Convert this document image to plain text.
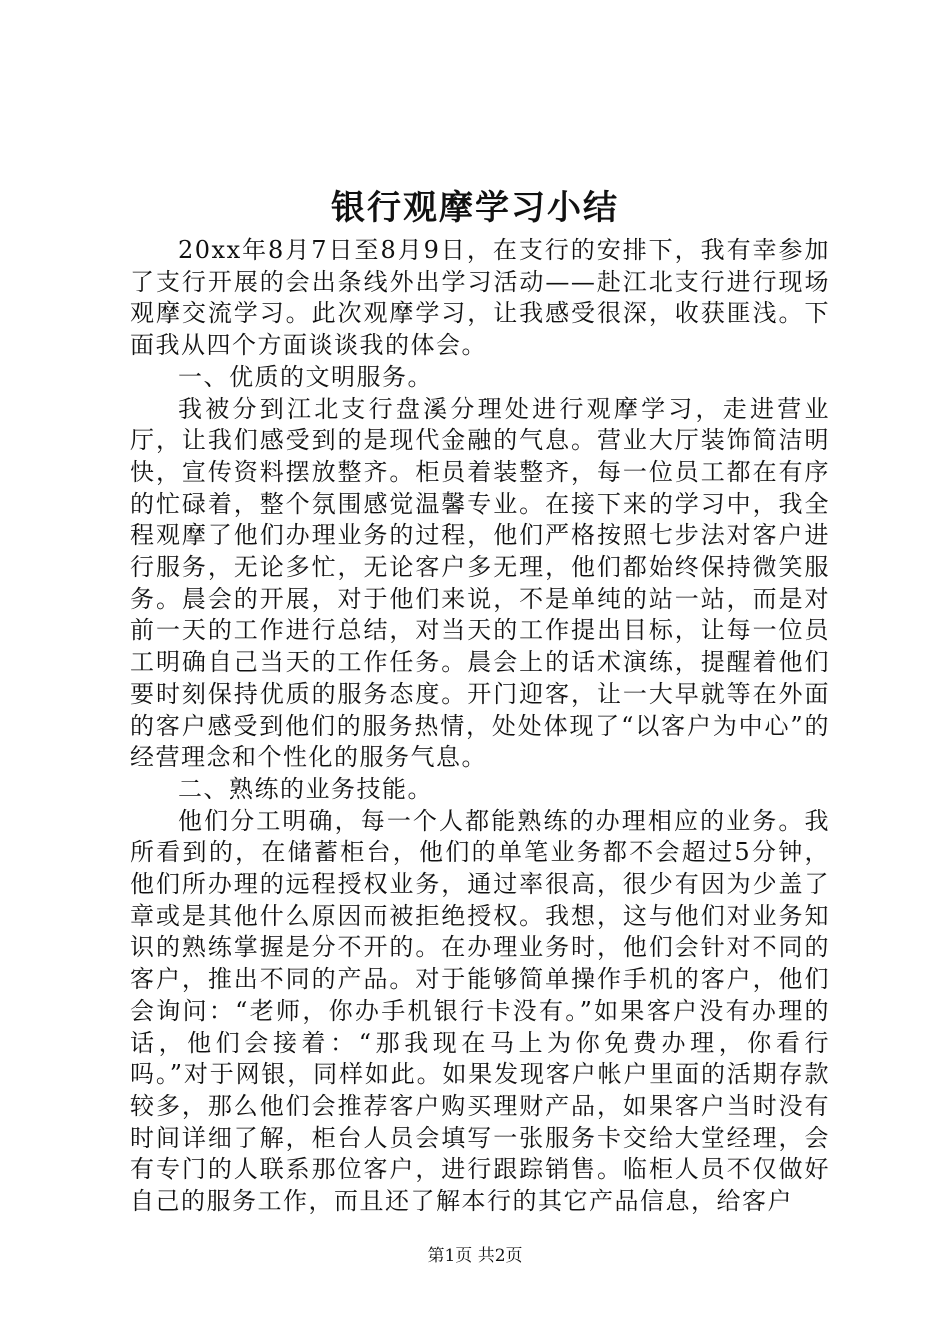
银行观摩学习小结

20xx年8月7日至8月9日，在支行的安排下，我有幸参加了支行开展的会出条线外出学习活动——赴江北支行进行现场观摩交流学习。此次观摩学习，让我感受很深，收获匪浅。下面我从四个方面谈谈我的体会。

一、优质的文明服务。

我被分到江北支行盘溪分理处进行观摩学习，走进营业厅，让我们感受到的是现代金融的气息。营业大厅装饰简洁明快，宣传资料摆放整齐。柜员着装整齐，每一位员工都在有序的忙碌着，整个氛围感觉温馨专业。在接下来的学习中，我全程观摩了他们办理业务的过程，他们严格按照七步法对客户进行服务，无论多忙，无论客户多无理，他们都始终保持微笑服务。晨会的开展，对于他们来说，不是单纯的站一站，而是对前一天的工作进行总结，对当天的工作提出目标，让每一位员工明确自己当天的工作任务。晨会上的话术演练，提醒着他们要时刻保持优质的服务态度。开门迎客，让一大早就等在外面的客户感受到他们的服务热情，处处体现了“以客户为中心”的经营理念和个性化的服务气息。

二、熟练的业务技能。

他们分工明确，每一个人都能熟练的办理相应的业务。我所看到的，在储蓄柜台，他们的单笔业务都不会超过5分钟，他们所办理的远程授权业务，通过率很高，很少有因为少盖了章或是其他什么原因而被拒绝授权。我想，这与他们对业务知识的熟练掌握是分不开的。在办理业务时，他们会针对不同的客户，推出不同的产品。对于能够简单操作手机的客户，他们会询问：“老师，你办手机银行卡没有。”如果客户没有办理的话，他们会接着：“那我现在马上为你免费办理，你看行吗。”对于网银，同样如此。如果发现客户帐户里面的活期存款较多，那么他们会推荐客户购买理财产品，如果客户当时没有时间详细了解，柜台人员会填写一张服务卡交给大堂经理，会有专门的人联系那位客户，进行跟踪销售。临柜人员不仅做好自己的服务工作，而且还了解本行的其它产品信息，给客户

第1页 共2页
